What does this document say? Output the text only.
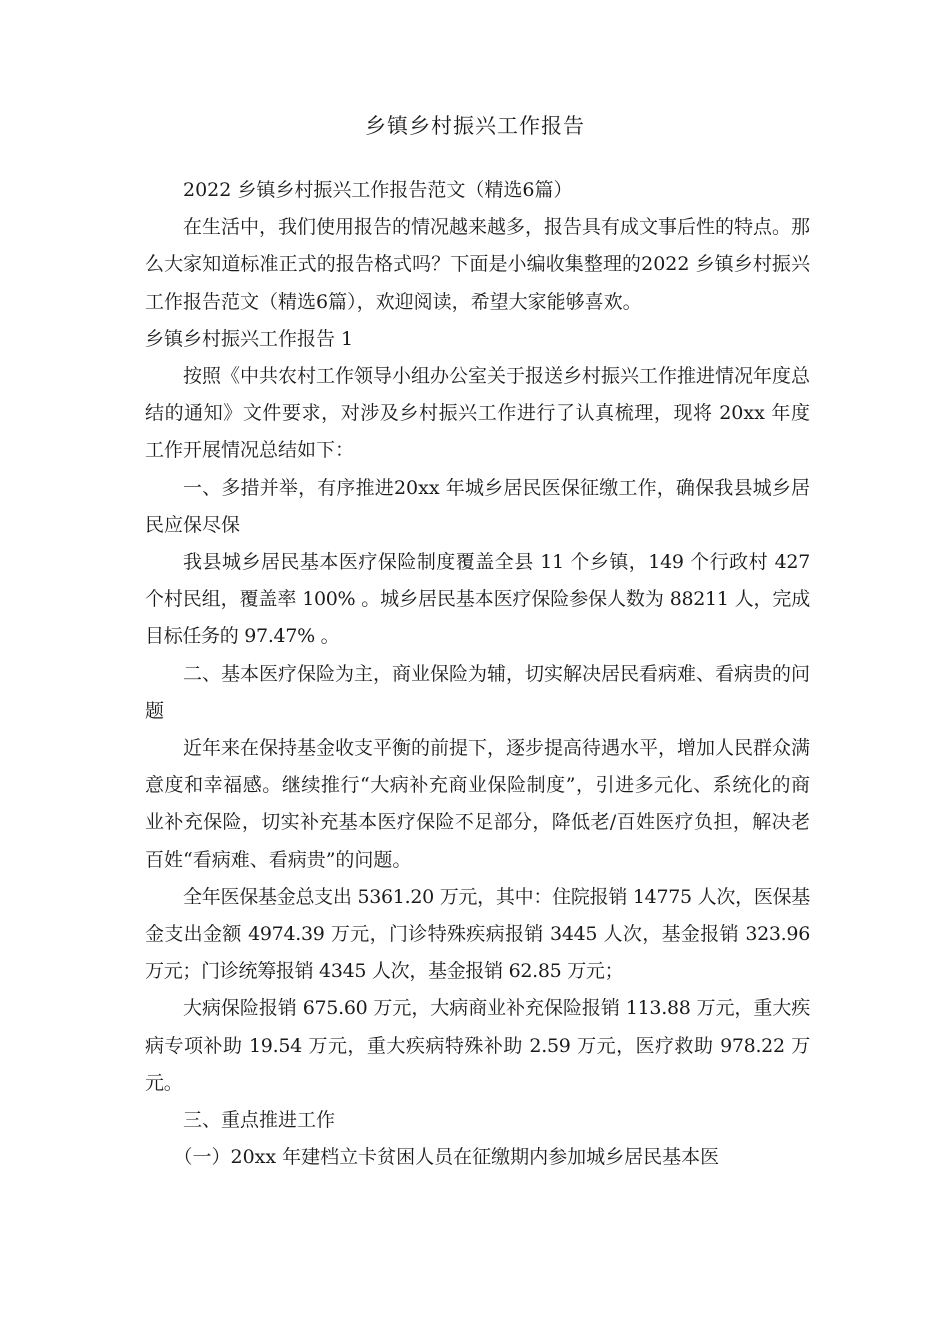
乡镇乡村振兴工作报告

2022 乡镇乡村振兴工作报告范文（精选6篇）

在生活中，我们使用报告的情况越来越多，报告具有成文事后性的特点。那么大家知道标准正式的报告格式吗？下面是小编收集整理的2022 乡镇乡村振兴工作报告范文（精选6篇），欢迎阅读，希望大家能够喜欢。

乡镇乡村振兴工作报告 1

按照《中共农村工作领导小组办公室关于报送乡村振兴工作推进情况年度总结的通知》文件要求，对涉及乡村振兴工作进行了认真梳理，现将 20xx 年度工作开展情况总结如下：

一、多措并举，有序推进20xx 年城乡居民医保征缴工作，确保我县城乡居民应保尽保

我县城乡居民基本医疗保险制度覆盖全县 11 个乡镇，149 个行政村 427 个村民组，覆盖率 100% 。城乡居民基本医疗保险参保人数为 88211 人，完成目标任务的 97.47% 。

二、基本医疗保险为主，商业保险为辅，切实解决居民看病难、看病贵的问题

近年来在保持基金收支平衡的前提下，逐步提高待遇水平，增加人民群众满意度和幸福感。继续推行“大病补充商业保险制度”，引进多元化、系统化的商业补充保险，切实补充基本医疗保险不足部分，降低老/百姓医疗负担，解决老百姓“看病难、看病贵”的问题。

全年医保基金总支出 5361.20 万元，其中：住院报销 14775 人次，医保基金支出金额 4974.39 万元，门诊特殊疾病报销 3445 人次，基金报销 323.96 万元；门诊统筹报销 4345 人次，基金报销 62.85 万元；

大病保险报销 675.60 万元，大病商业补充保险报销 113.88 万元，重大疾病专项补助 19.54 万元，重大疾病特殊补助 2.59 万元，医疗救助 978.22 万元。

三、重点推进工作

（一）20xx 年建档立卡贫困人员在征缴期内参加城乡居民基本医
